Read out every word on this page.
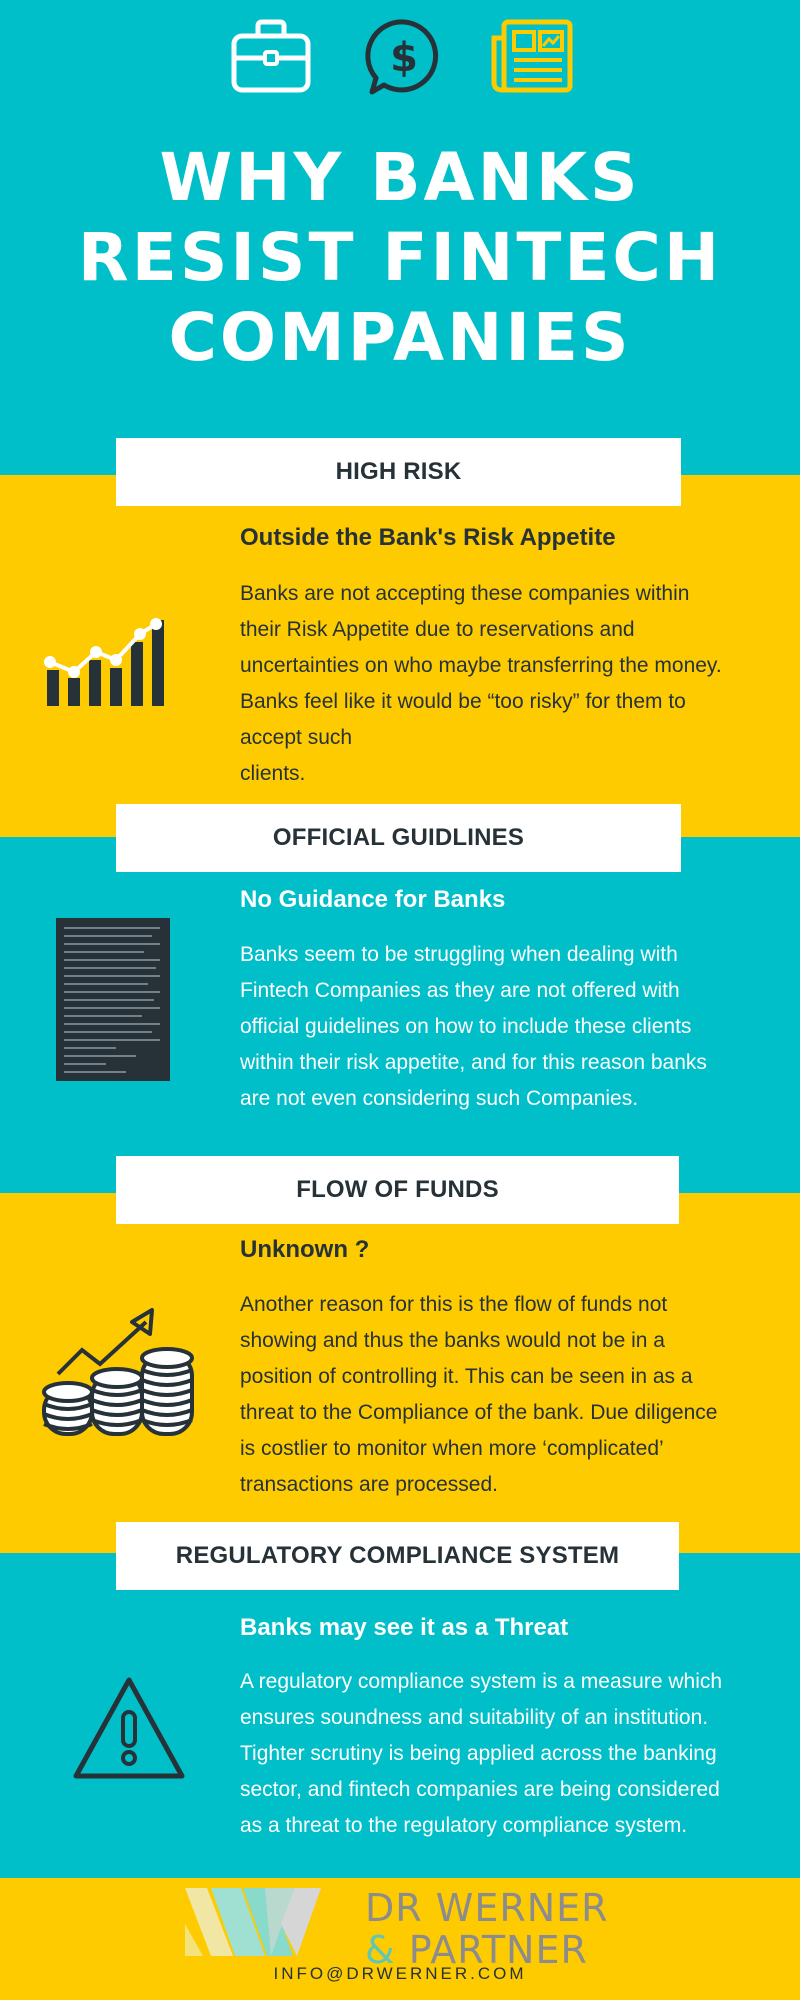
$
WHY BANKS
RESIST FINTECH
COMPANIES
HIGH RISK
Outside the Bank's Risk Appetite
Banks are not accepting these companies within
their Risk Appetite due to reservations and
uncertainties on who maybe transferring the money.
Banks feel like it would be “too risky” for them to
accept such
clients.
OFFICIAL GUIDLINES
No Guidance for Banks
Banks seem to be struggling when dealing with
Fintech Companies as they are not offered with
official guidelines on how to include these clients
within their risk appetite, and for this reason banks
are not even considering such Companies.
FLOW OF FUNDS
Unknown ?
Another reason for this is the flow of funds not
showing and thus the banks would not be in a
position of controlling it. This can be seen in as a
threat to the Compliance of the bank. Due diligence
is costlier to monitor when more ‘complicated’
transactions are processed.
REGULATORY COMPLIANCE SYSTEM
Banks may see it as a Threat
A regulatory compliance system is a measure which
ensures soundness and suitability of an institution.
Tighter scrutiny is being applied across the banking
sector, and fintech companies are being considered
as a threat to the regulatory compliance system.
DR WERNER
& PARTNER
INFO@DRWERNER.COM
